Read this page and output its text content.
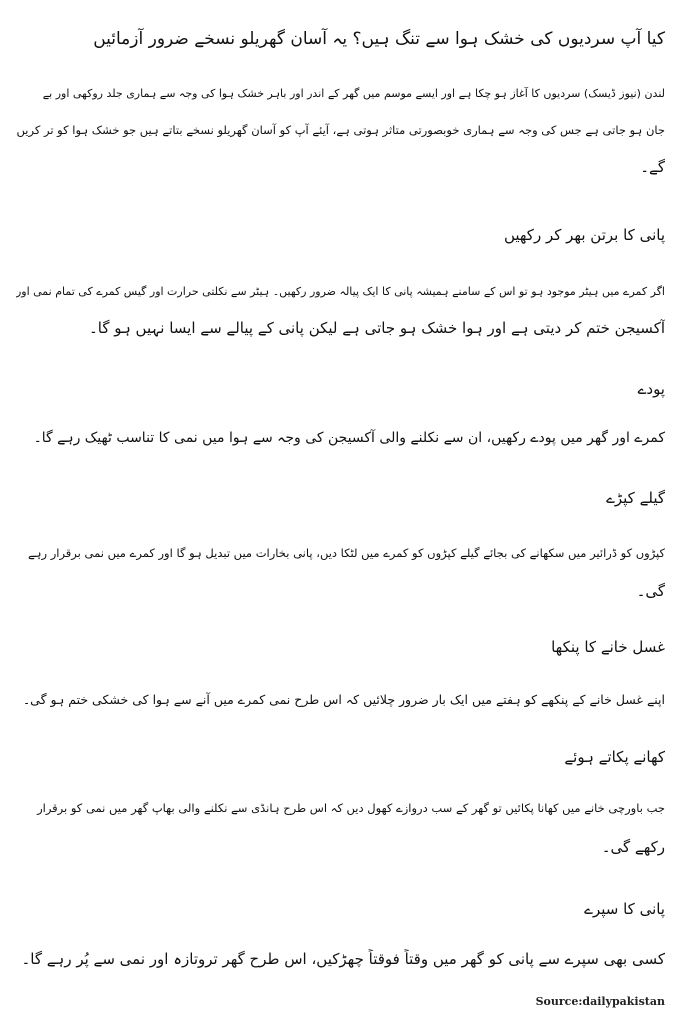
کیا آپ سردیوں کی خشک ہوا سے تنگ ہیں؟ یہ آسان گھریلو نسخے ضرور آزمائیں
لندن (نیوز ڈیسک) سردیوں کا آغاز ہو چکا ہے اور ایسے موسم میں گھر کے اندر اور باہر خشک ہوا کی وجہ سے ہماری جلد روکھی اور بے
جان ہو جاتی ہے جس کی وجہ سے ہماری خوبصورتی متاثر ہوتی ہے، آیئے آپ کو آسان گھریلو نسخے بتاتے ہیں جو خشک ہوا کو تر کریں
گے۔
پانی کا برتن بھر کر رکھیں
اگر کمرے میں ہیٹر موجود ہو تو اس کے سامنے ہمیشہ پانی کا ایک پیالہ ضرور رکھیں۔ ہیٹر سے نکلتی حرارت اور گیس کمرے کی تمام نمی اور
آکسیجن ختم کر دیتی ہے اور ہوا خشک ہو جاتی ہے لیکن پانی کے پیالے سے ایسا نہیں ہو گا۔
پودے
کمرے اور گھر میں پودے رکھیں، ان سے نکلنے والی آکسیجن کی وجہ سے ہوا میں نمی کا تناسب ٹھیک رہے گا۔
گیلے کپڑے
کپڑوں کو ڈرائیر میں سکھانے کی بجائے گیلے کپڑوں کو کمرے میں لٹکا دیں، پانی بخارات میں تبدیل ہو گا اور کمرے میں نمی برقرار رہے
گی۔
غسل خانے کا پنکھا
اپنے غسل خانے کے پنکھے کو ہفتے میں ایک بار ضرور چلائیں کہ اس طرح نمی کمرے میں آنے سے ہوا کی خشکی ختم ہو گی۔
کھانے پکاتے ہوئے
جب باورچی خانے میں کھانا پکائیں تو گھر کے سب دروازے کھول دیں کہ اس طرح ہانڈی سے نکلنے والی بھاپ گھر میں نمی کو برقرار
رکھے گی۔
پانی کا سپرے
کسی بھی سپرے سے پانی کو گھر میں وقتاً فوقتاً چھڑکیں، اس طرح گھر تروتازہ اور نمی سے پُر رہے گا۔
Source:dailypakistan
